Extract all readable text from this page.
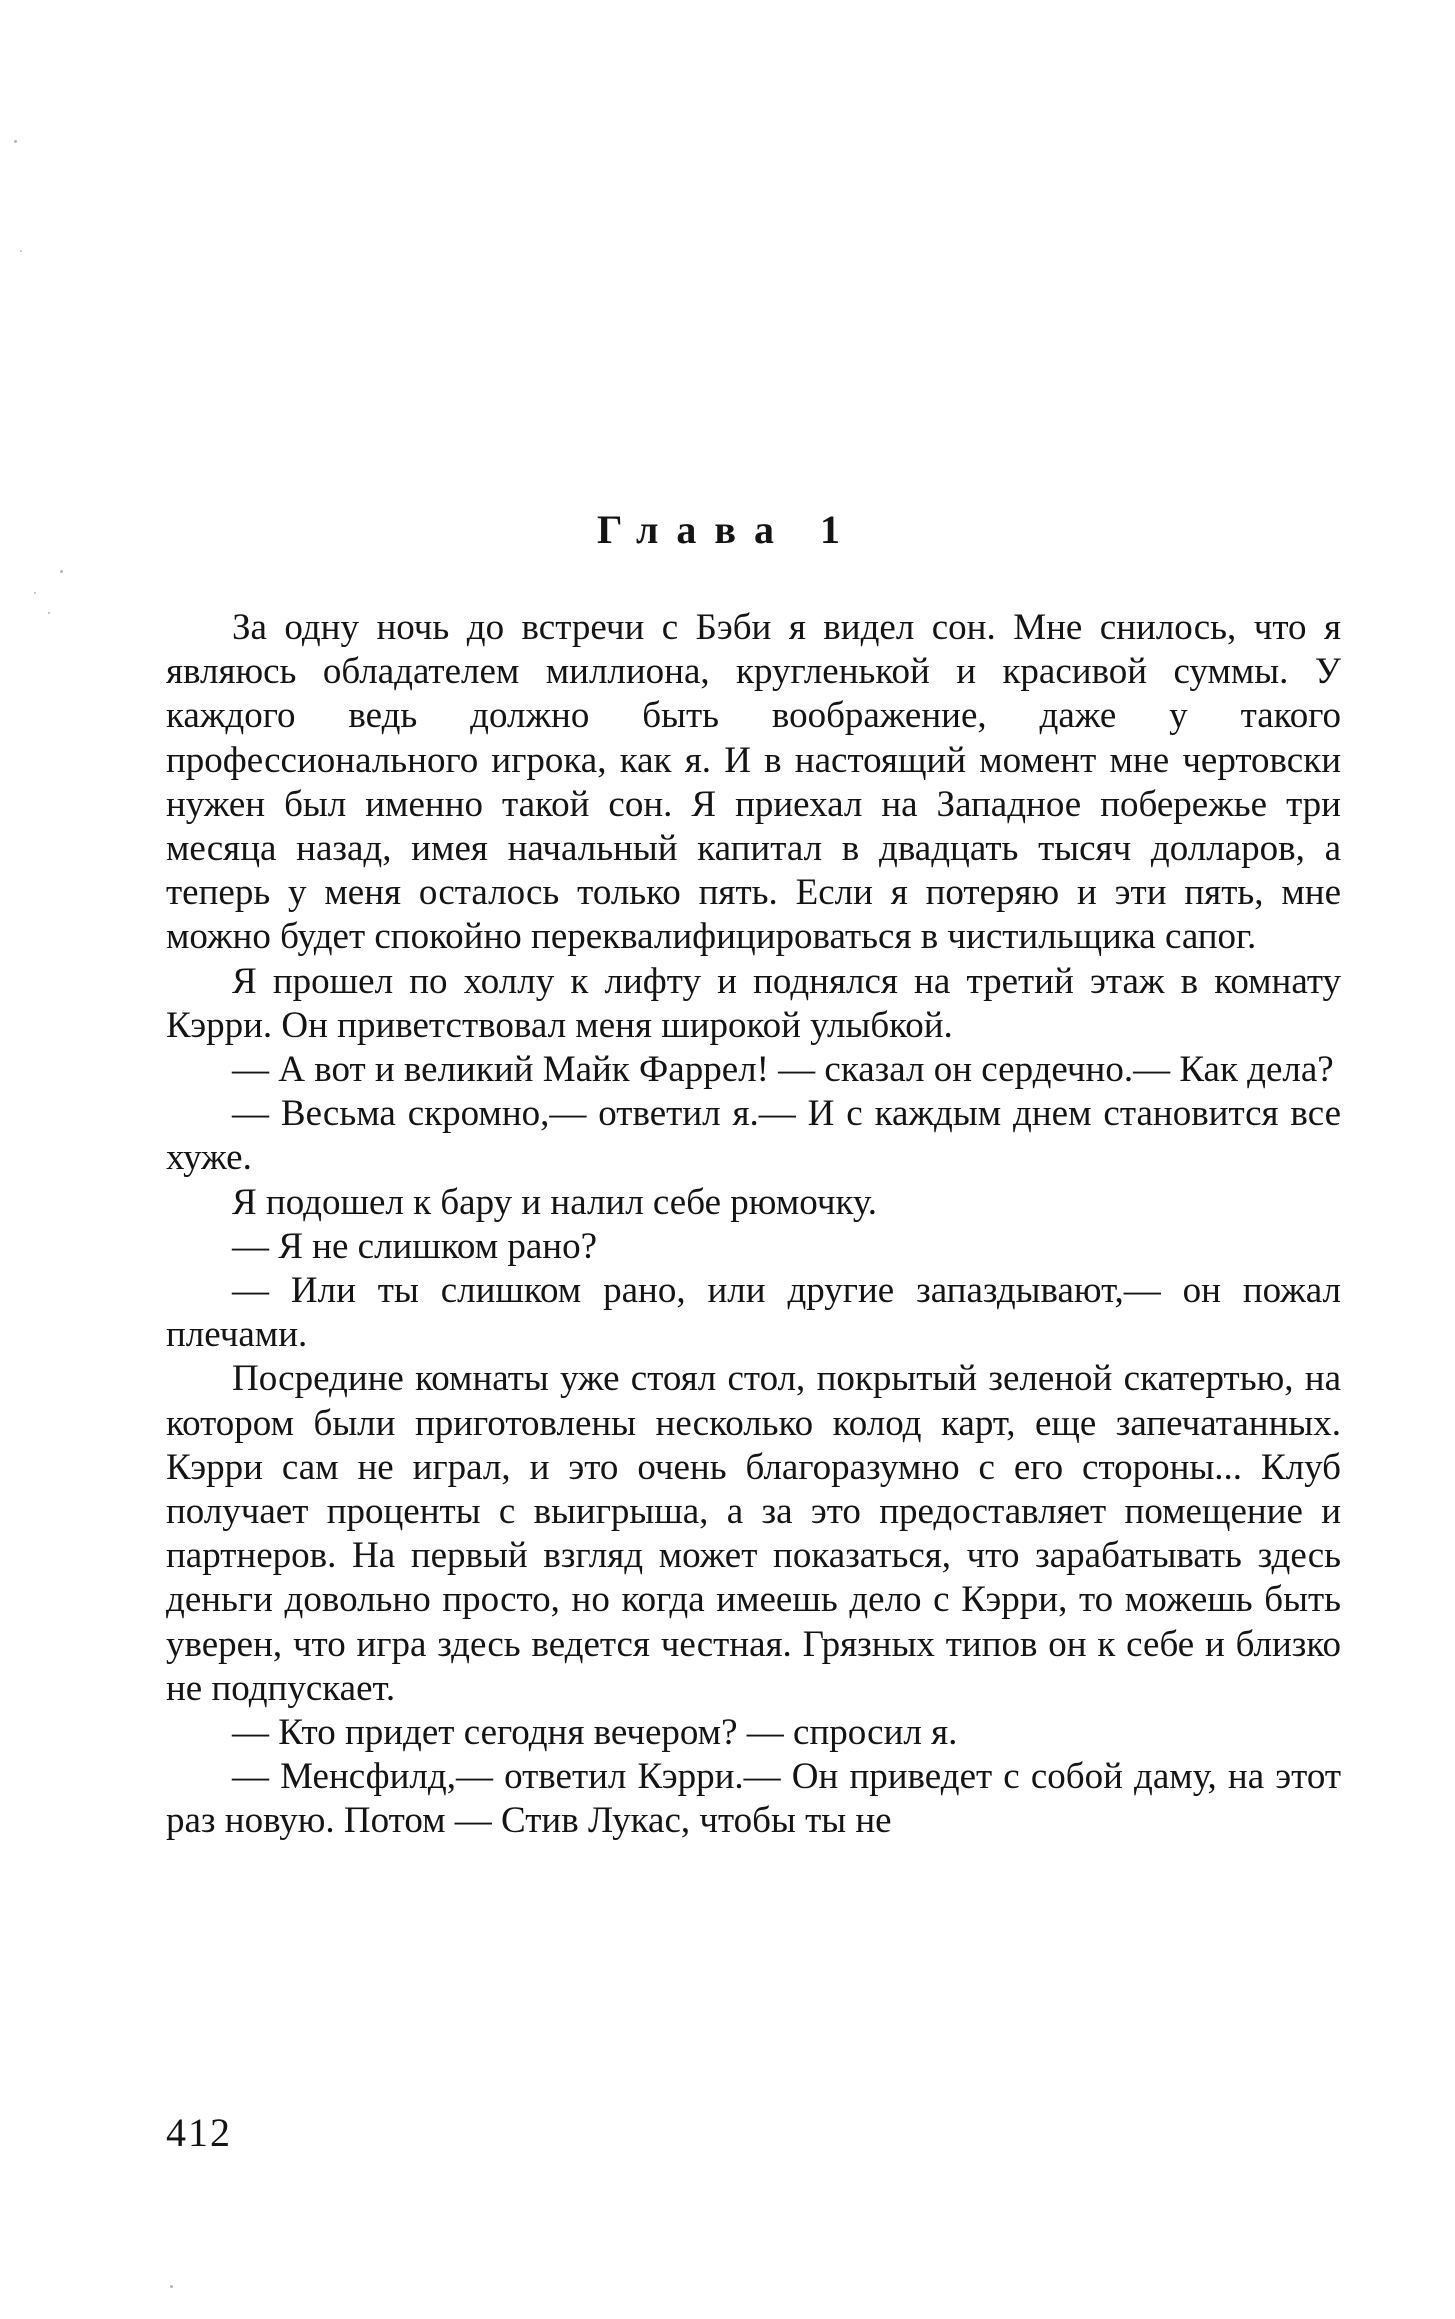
Глава 1

За одну ночь до встречи с Бэби я видел сон. Мне снилось, что я являюсь обладателем миллиона, кругленькой и красивой суммы. У каждого ведь должно быть воображение, даже у такого профессионального игрока, как я. И в настоящий момент мне чертовски нужен был именно такой сон. Я приехал на Западное побережье три месяца назад, имея начальный капитал в двадцать тысяч долларов, а теперь у меня осталось только пять. Если я потеряю и эти пять, мне можно будет спокойно переквалифицироваться в чистильщика сапог.

Я прошел по холлу к лифту и поднялся на третий этаж в комнату Кэрри. Он приветствовал меня широкой улыбкой.

— А вот и великий Майк Фаррел! — сказал он сердечно.— Как дела?

— Весьма скромно,— ответил я.— И с каждым днем становится все хуже.

Я подошел к бару и налил себе рюмочку.

— Я не слишком рано?

— Или ты слишком рано, или другие запаздывают,— он пожал плечами.

Посредине комнаты уже стоял стол, покрытый зеленой скатертью, на котором были приготовлены несколько колод карт, еще запечатанных. Кэрри сам не играл, и это очень благоразумно с его стороны... Клуб получает проценты с выигрыша, а за это предоставляет помещение и партнеров. На первый взгляд может показаться, что зарабатывать здесь деньги довольно просто, но когда имеешь дело с Кэрри, то можешь быть уверен, что игра здесь ведется честная. Грязных типов он к себе и близко не подпускает.

— Кто придет сегодня вечером? — спросил я.

— Менсфилд,— ответил Кэрри.— Он приведет с собой даму, на этот раз новую. Потом — Стив Лукас, чтобы ты не

412
